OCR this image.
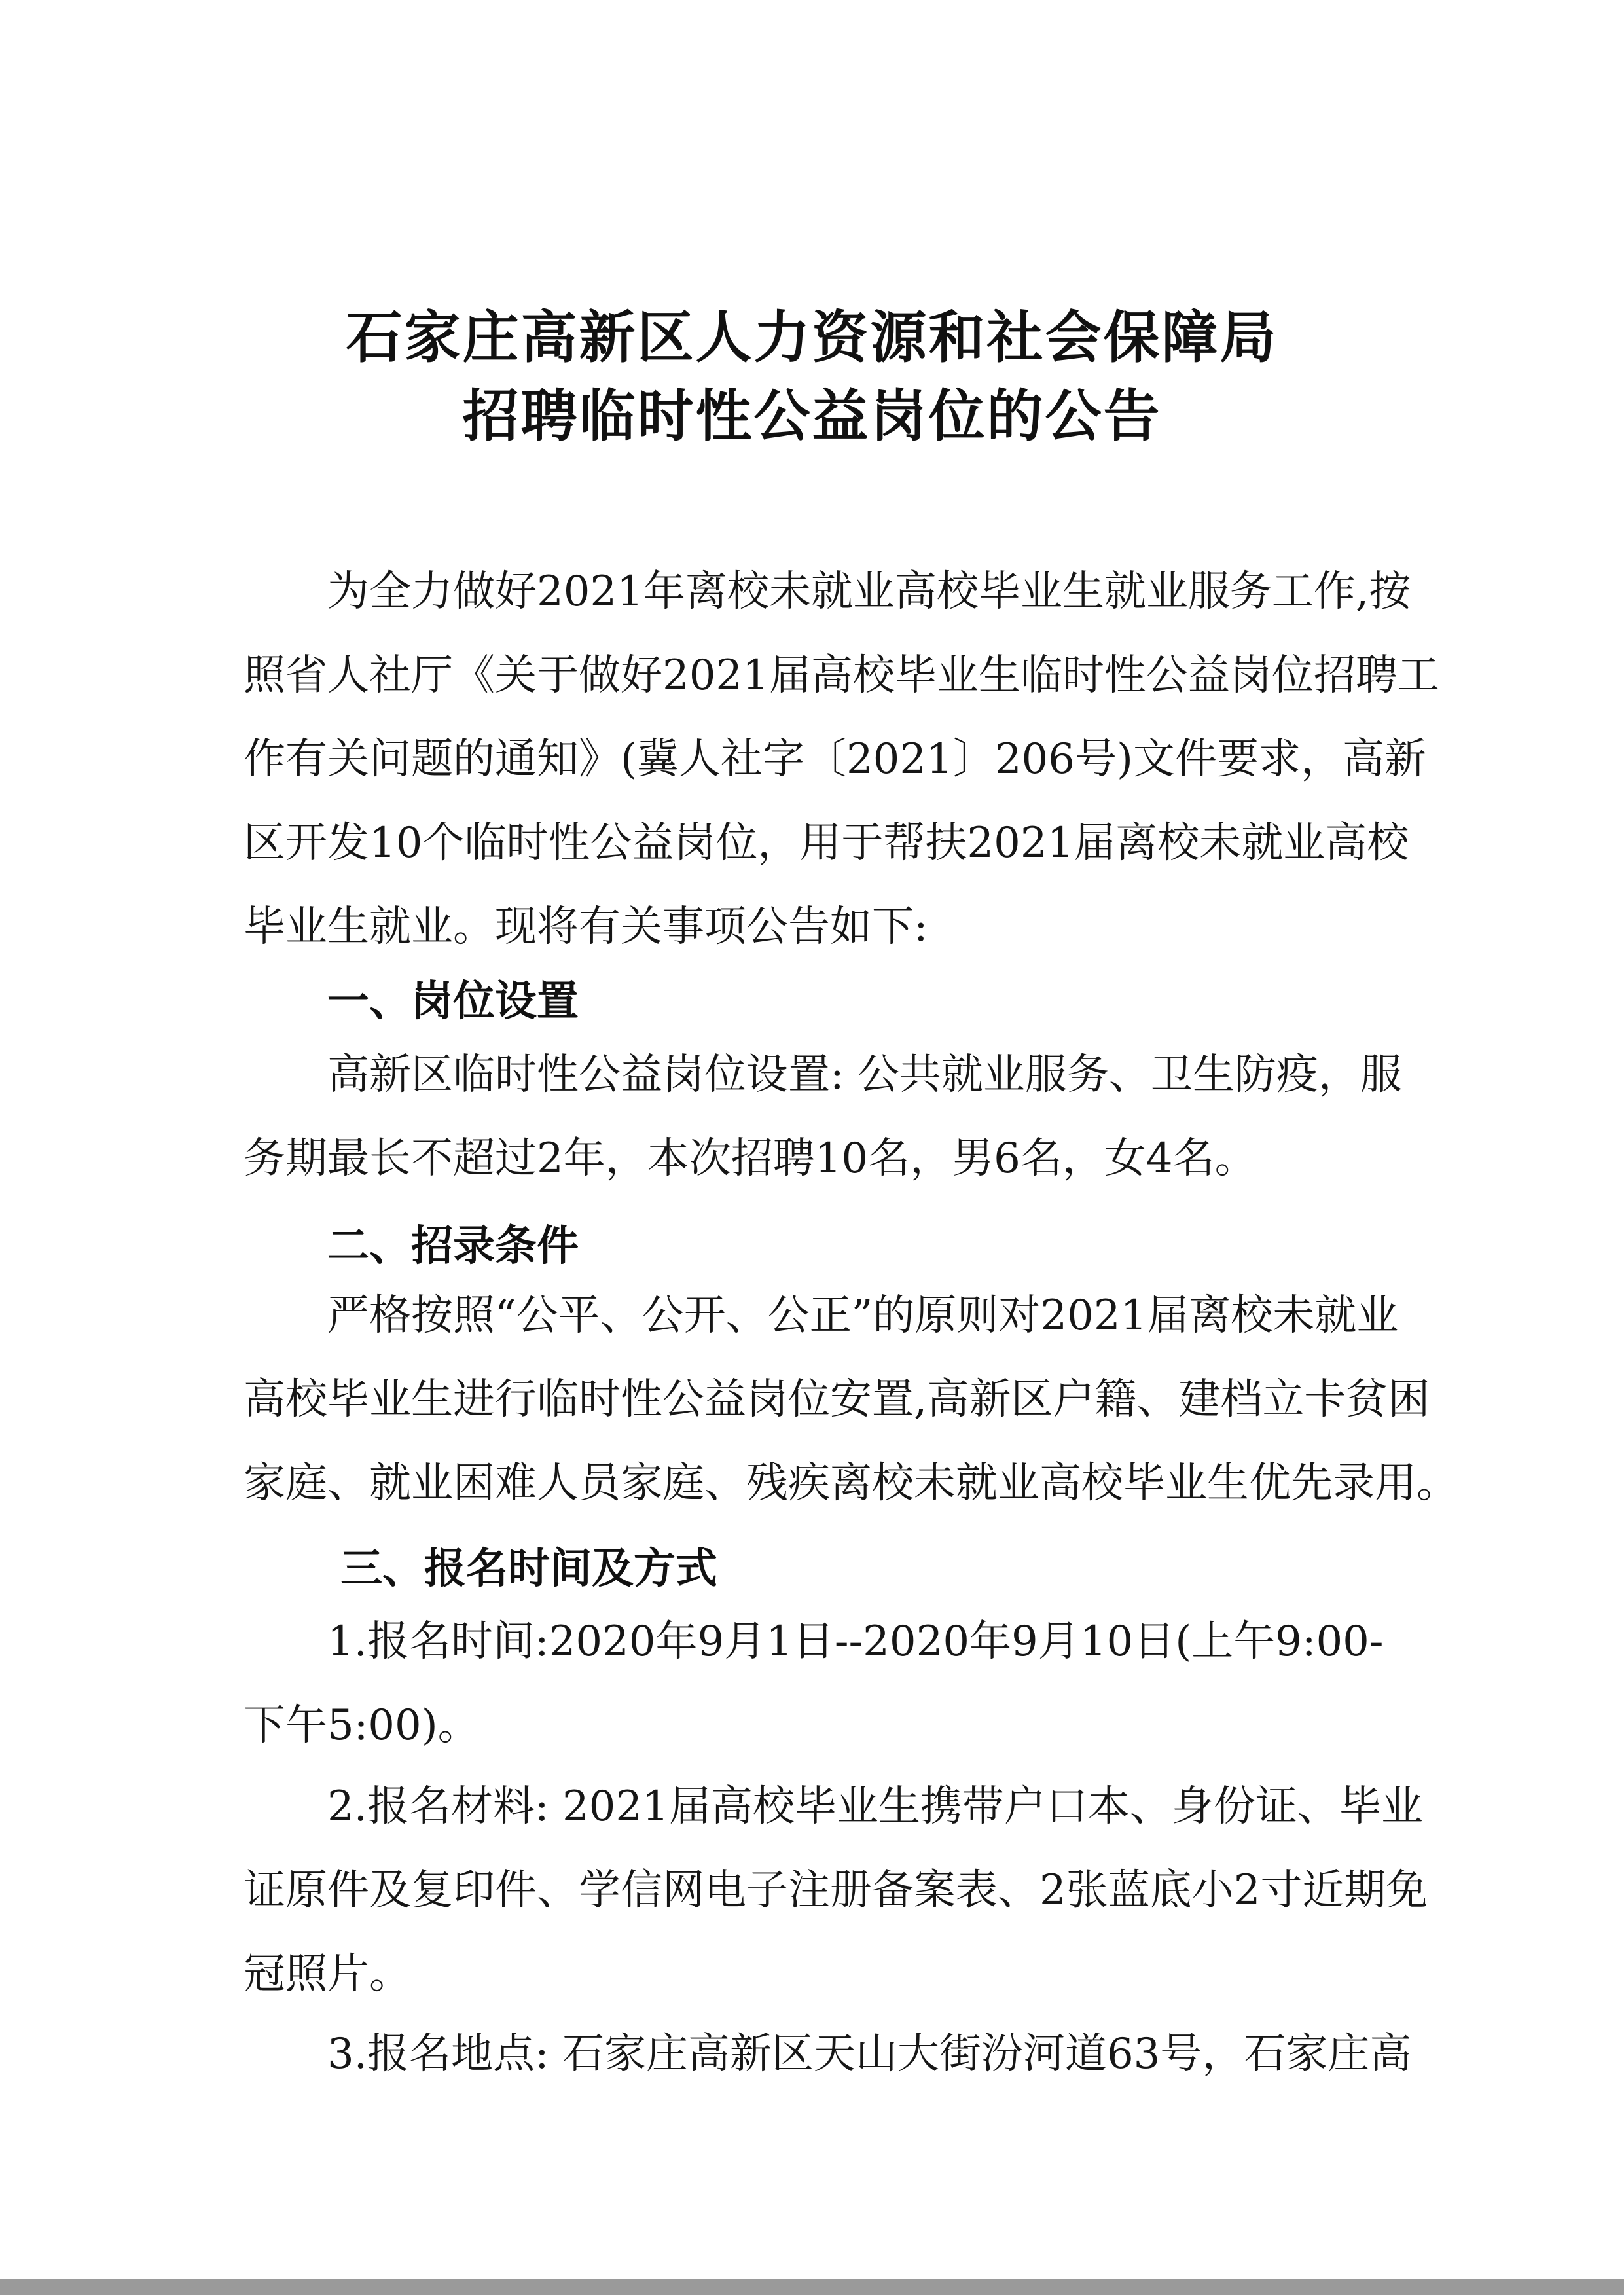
石家庄高新区人力资源和社会保障局
招聘临时性公益岗位的公告
　　为全力做好2021年离校未就业高校毕业生就业服务工作,按
照省人社厅《关于做好2021届高校毕业生临时性公益岗位招聘工
作有关问题的通知》(冀人社字〔2021〕206号)文件要求，高新
区开发10个临时性公益岗位，用于帮扶2021届离校未就业高校
毕业生就业。现将有关事项公告如下:
一、岗位设置
　　高新区临时性公益岗位设置: 公共就业服务、卫生防疫，服
务期最长不超过2年，本次招聘10名，男6名，女4名。
二、招录条件
　　严格按照“公平、公开、公正”的原则对2021届离校未就业
高校毕业生进行临时性公益岗位安置,高新区户籍、建档立卡贫困
家庭、就业困难人员家庭、残疾离校未就业高校毕业生优先录用。
三、报名时间及方式
　　1.报名时间:2020年9月1日--2020年9月10日(上午9:00-
下午5:00)。
　　2.报名材料: 2021届高校毕业生携带户口本、身份证、毕业
证原件及复印件、学信网电子注册备案表、2张蓝底小2寸近期免
冠照片。
　　3.报名地点: 石家庄高新区天山大街汾河道63号，石家庄高
